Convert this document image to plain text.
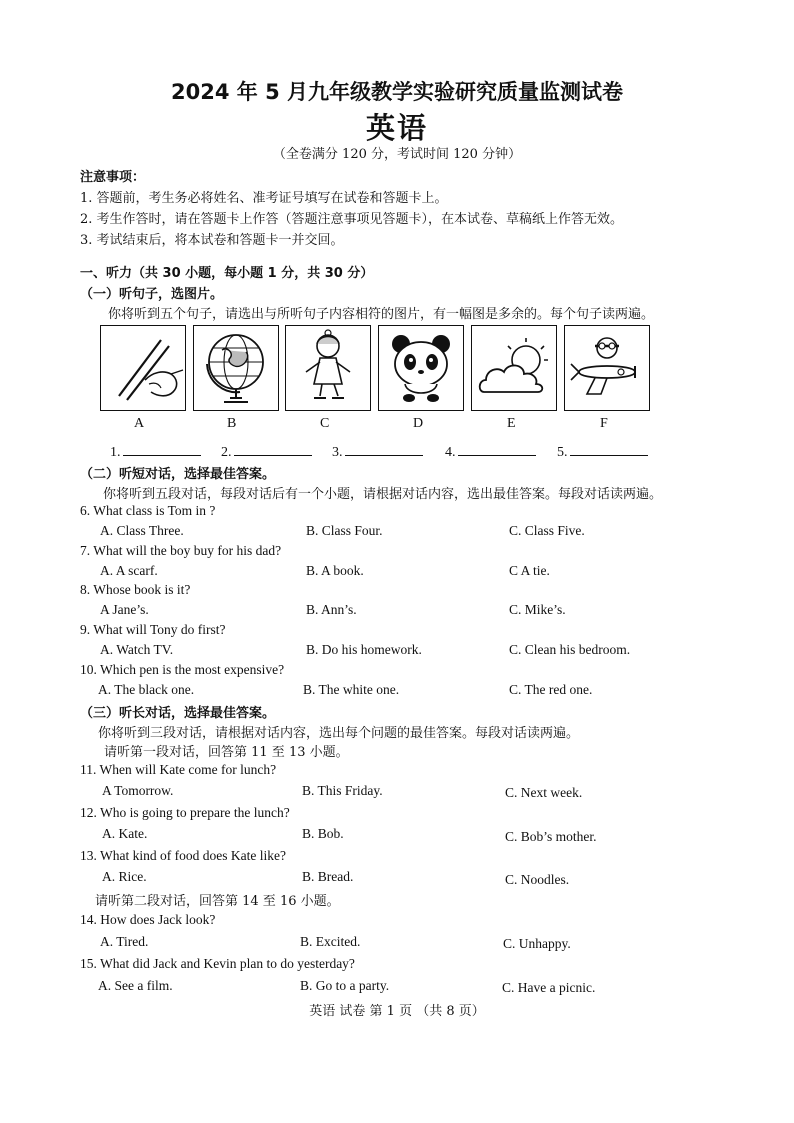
2024 年 5 月九年级教学实验研究质量监测试卷
英语
（全卷满分 120 分，考试时间 120 分钟）
注意事项：
1. 答题前，考生务必将姓名、准考证号填写在试卷和答题卡上。
2. 考生作答时，请在答题卡上作答（答题注意事项见答题卡），在本试卷、草稿纸上作答无效。
3. 考试结束后，将本试卷和答题卡一并交回。
一、听力（共 30 小题，每小题 1 分，共 30 分）
（一）听句子，选图片。
你将听到五个句子，请选出与所听句子内容相符的图片，有一幅图是多余的。每个句子读两遍。
A	B	C	D	E	F
1.	2.	3.	4.	5.
（二）听短对话，选择最佳答案。
你将听到五段对话，每段对话后有一个小题，请根据对话内容，选出最佳答案。每段对话读两遍。
6. What class is Tom in ?
A. Class Three.	B. Class Four.	C. Class Five.
7. What will the boy buy for his dad?
A. A scarf.	B. A book.	C A tie.
8. Whose book is it?
A Jane’s.	B. Ann’s.	C. Mike’s.
9. What will Tony do first?
A. Watch TV.	B. Do his homework.	C. Clean his bedroom.
10. Which pen is the most expensive?
A. The black one.	B. The white one.	C. The red one.
（三）听长对话，选择最佳答案。
你将听到三段对话，请根据对话内容，选出每个问题的最佳答案。每段对话读两遍。
请听第一段对话，回答第 11 至 13 小题。
11. When will Kate come for lunch?
A Tomorrow.	B. This Friday.	C. Next week.
12. Who is going to prepare the lunch?
A. Kate.	B. Bob.	C. Bob’s mother.
13. What kind of food does Kate like?
A. Rice.	B. Bread.	C. Noodles.
请听第二段对话，回答第 14 至 16 小题。
14. How does Jack look?
A. Tired.	B. Excited.	C. Unhappy.
15. What did Jack and Kevin plan to do yesterday?
A. See a film.	B. Go to a party.	C. Have a picnic.
英语 试卷 第 1 页 （共 8 页）
